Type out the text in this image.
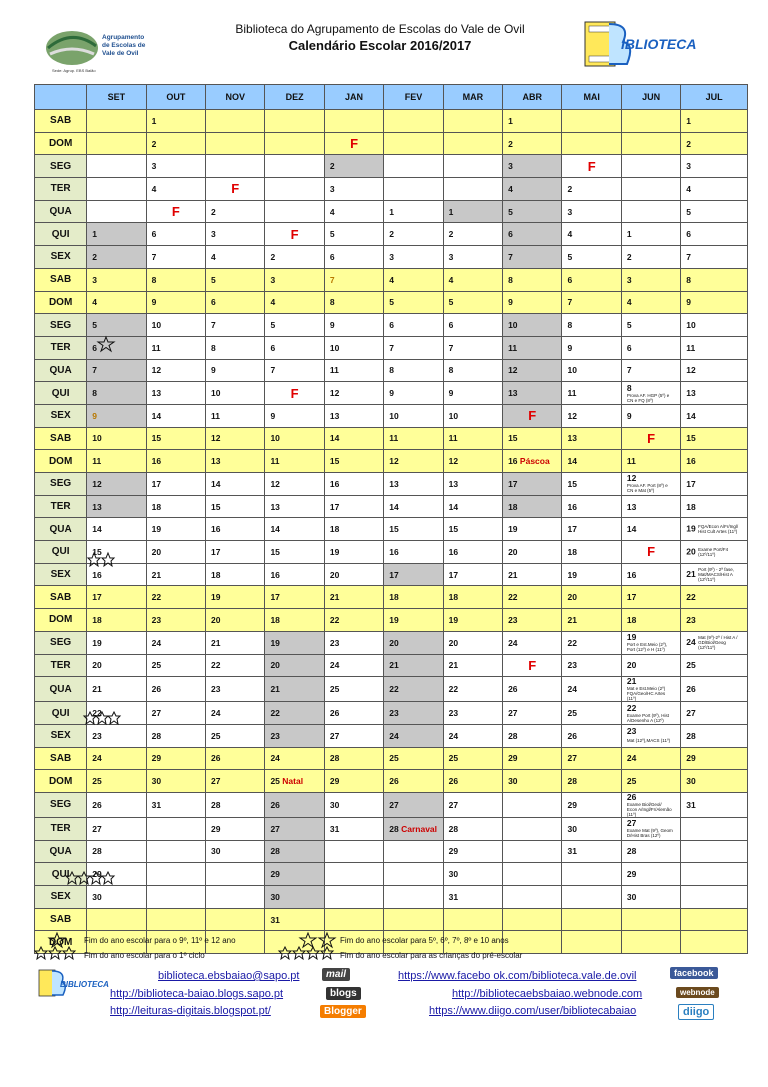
Agrupamento
de Escolas de
Vale de Ovil
Sede: Agrup. EBS Baião
IBLIOTECA
Biblioteca do Agrupamento de Escolas do Vale de Ovil
Calendário Escolar 2016/2017
	SET	OUT	NOV	DEZ	JAN	FEV	MAR	ABR	MAI	JUN	JUL
SAB		1						1			1
DOM		2			F			2			2
SEG		3			2			3	F		3
TER		4	F		3			4	2		4
QUA		F	2		4	1	1	5	3		5
QUI	1	6	3	F	5	2	2	6	4	1	6
SEX	2	7	4	2	6	3	3	7	5	2	7
SAB	3	8	5	3	7	4	4	8	6	3	8
DOM	4	9	6	4	8	5	5	9	7	4	9
SEG	5	10	7	5	9	6	6	10	8	5	10
TER	6	11	8	6	10	7	7	11	9	6	11
QUA	7	12	9	7	11	8	8	12	10	7	12
QUI	8	13	10	F	12	9	9	13	11	8 Prova AF. HGP (5º) e CN e FQ (8º)	13
SEX	9	14	11	9	13	10	10	F	12	9	14
SAB	10	15	12	10	14	11	11	15	13	F	15
DOM	11	16	13	11	15	12	12	16 Páscoa	14	11	16
SEG	12	17	14	12	16	13	13	17	15	12 Prova AF. Port (8º) e CN e Mat (5º)	17
TER	13	18	15	13	17	14	14	18	16	13	18
QUA	14	19	16	14	18	15	15	19	17	14	19 FQA/Econ A/Fr/Ingl/ Hist Cult Artes (11º)
QUI	15	20	17	15	19	16	16	20	18	F	20 Exame Port/F4 (12º/11º)
SEX	16	21	18	16	20	17	17	21	19	16	21 Port (9º) - 2ª fase, Mat/MACS/Hist A (12º/11º)
SAB	17	22	19	17	21	18	18	22	20	17	22
DOM	18	23	20	18	22	19	19	23	21	18	23
SEG	19	24	21	19	23	20	20	24	22	19 Port e Est.Meio (2º), Port (12º) e H (11º)	24 Mat (9º)-2ª / Hist A / GD/Biol/Geog (12º/11º)
TER	20	25	22	20	24	21	21	F	23	20	25
QUA	21	26	23	21	25	22	22	26	24	21 Mat e Est.Meio (2º) FQA/Geo/HC Artes (11º)	26
QUI	22	27	24	22	26	23	23	27	25	22 Exame Port (9º), Hist A/Desenho A (12º)	27
SEX	23	28	25	23	27	24	24	28	26	23 Mat (12º),MACS (11º)	28
SAB	24	29	26	24	28	25	25	29	27	24	29
DOM	25	30	27	25 Natal	29	26	26	30	28	25	30
SEG	26	31	28	26	30	27	27		29	26 Exame Biol/Geol/ Econ A/Ingl/Fr/Alemão (11º)	31
TER	27		29	27	31	28 Carnaval	28		30	27 Exame Mat (9º), Geom D/Hist Bras (12º)	
QUA	28		30	28			29		31	28	
QUI	29			29			30			29	
SEX	30			30			31			30	
SAB				31							
DOM											Fim do ano escolar para o 9º, 11º e 12 ano	Fim do ano escolar para 5º, 6º, 7º, 8º e 10 anos
Fim do ano escolar para o 1º ciclo	Fim do ano escolar para as crianças do pré-escolar
BIBLIOTECA
biblioteca.ebsbaiao@sapo.pt
http://biblioteca-baiao.blogs.sapo.pt
http://leituras-digitais.blogspot.pt/
mail
blogs
Blogger
https://www.facebo ok.com/biblioteca.vale.de.ovil
http://bibliotecaebsbaiao.webnode.com
https://www.diigo.com/user/bibliotecabaiao
facebook
webnode
diigo
